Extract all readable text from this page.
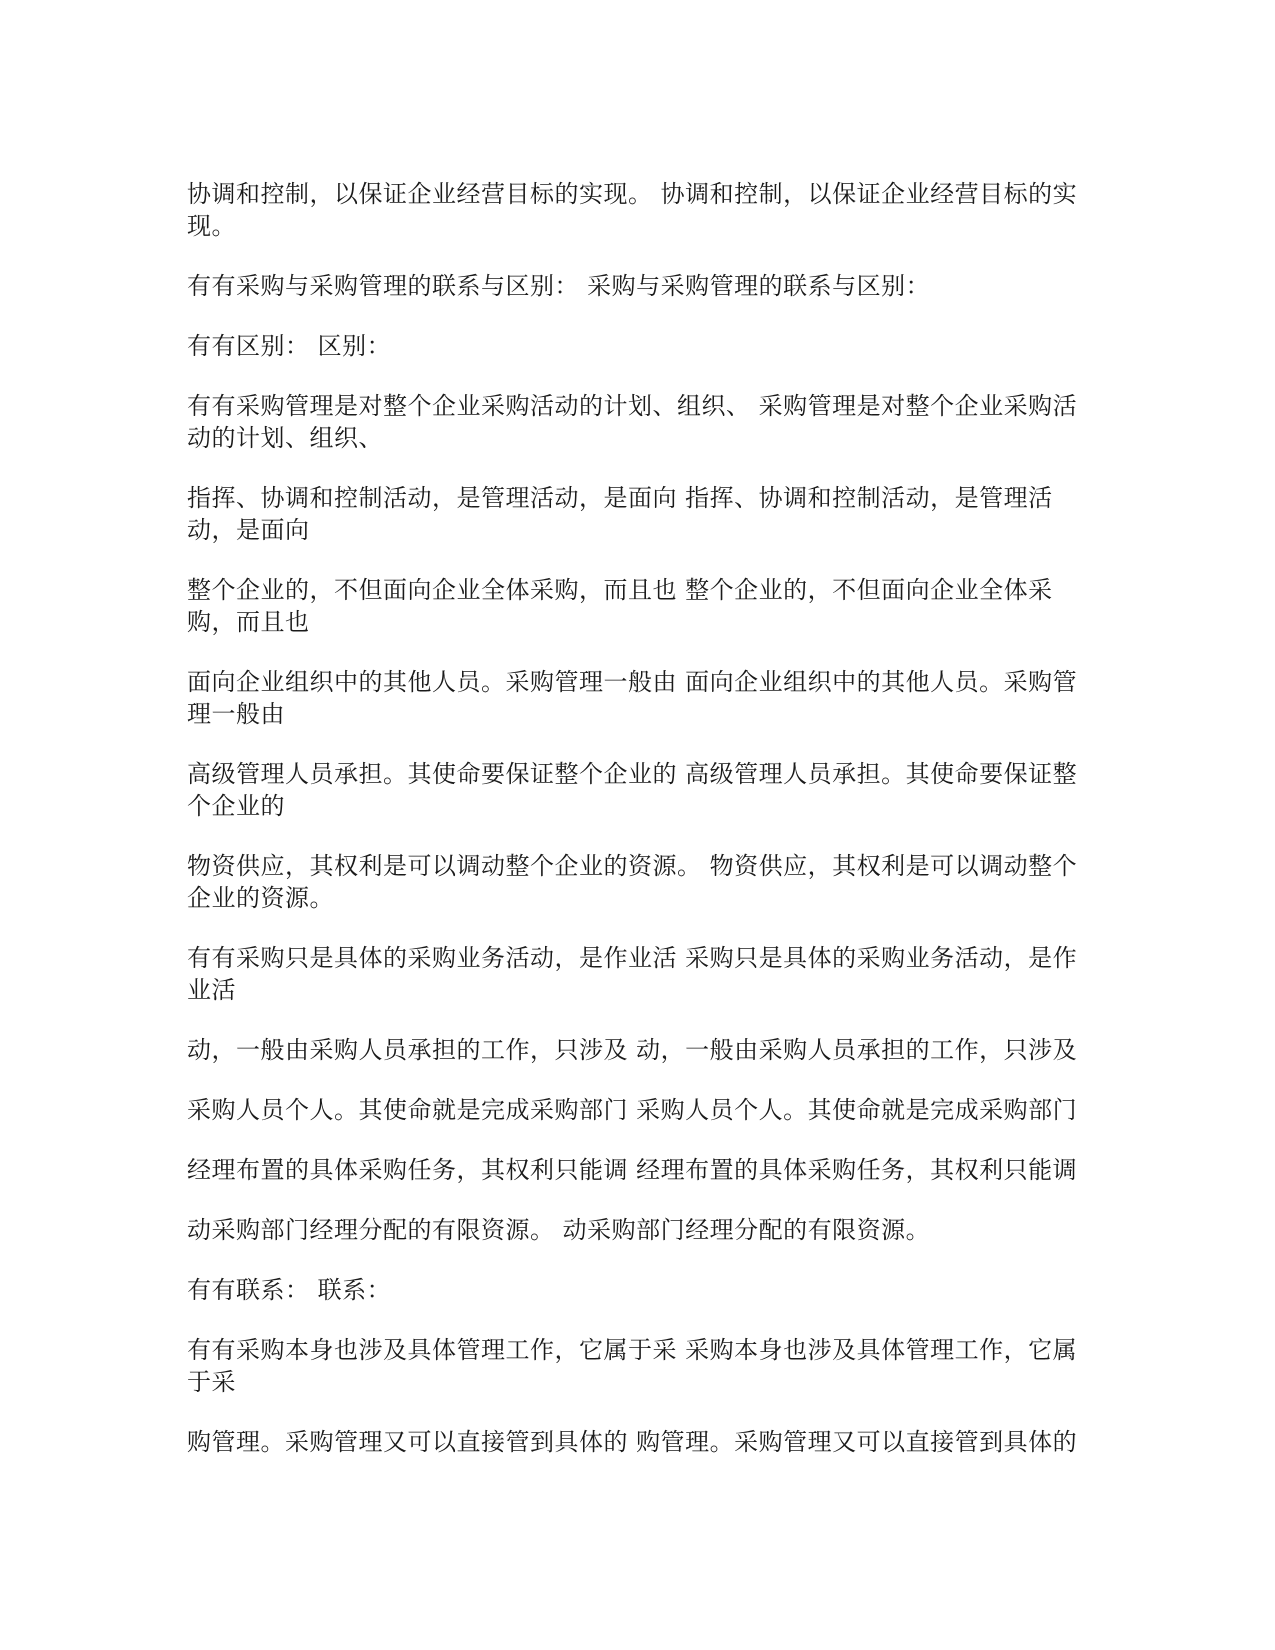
协调和控制，以保证企业经营目标的实现。 协调和控制，以保证企业经营目标的实现。

有有采购与采购管理的联系与区别： 采购与采购管理的联系与区别：

有有区别： 区别：

有有采购管理是对整个企业采购活动的计划、组织、 采购管理是对整个企业采购活动的计划、组织、

指挥、协调和控制活动，是管理活动，是面向 指挥、协调和控制活动，是管理活动，是面向

整个企业的，不但面向企业全体采购，而且也 整个企业的，不但面向企业全体采购，而且也

面向企业组织中的其他人员。采购管理一般由 面向企业组织中的其他人员。采购管理一般由

高级管理人员承担。其使命要保证整个企业的 高级管理人员承担。其使命要保证整个企业的

物资供应，其权利是可以调动整个企业的资源。 物资供应，其权利是可以调动整个企业的资源。

有有采购只是具体的采购业务活动，是作业活 采购只是具体的采购业务活动，是作业活

动，一般由采购人员承担的工作，只涉及 动，一般由采购人员承担的工作，只涉及

采购人员个人。其使命就是完成采购部门 采购人员个人。其使命就是完成采购部门

经理布置的具体采购任务，其权利只能调 经理布置的具体采购任务，其权利只能调

动采购部门经理分配的有限资源。 动采购部门经理分配的有限资源。

有有联系： 联系：

有有采购本身也涉及具体管理工作，它属于采 采购本身也涉及具体管理工作，它属于采

购管理。采购管理又可以直接管到具体的 购管理。采购管理又可以直接管到具体的
